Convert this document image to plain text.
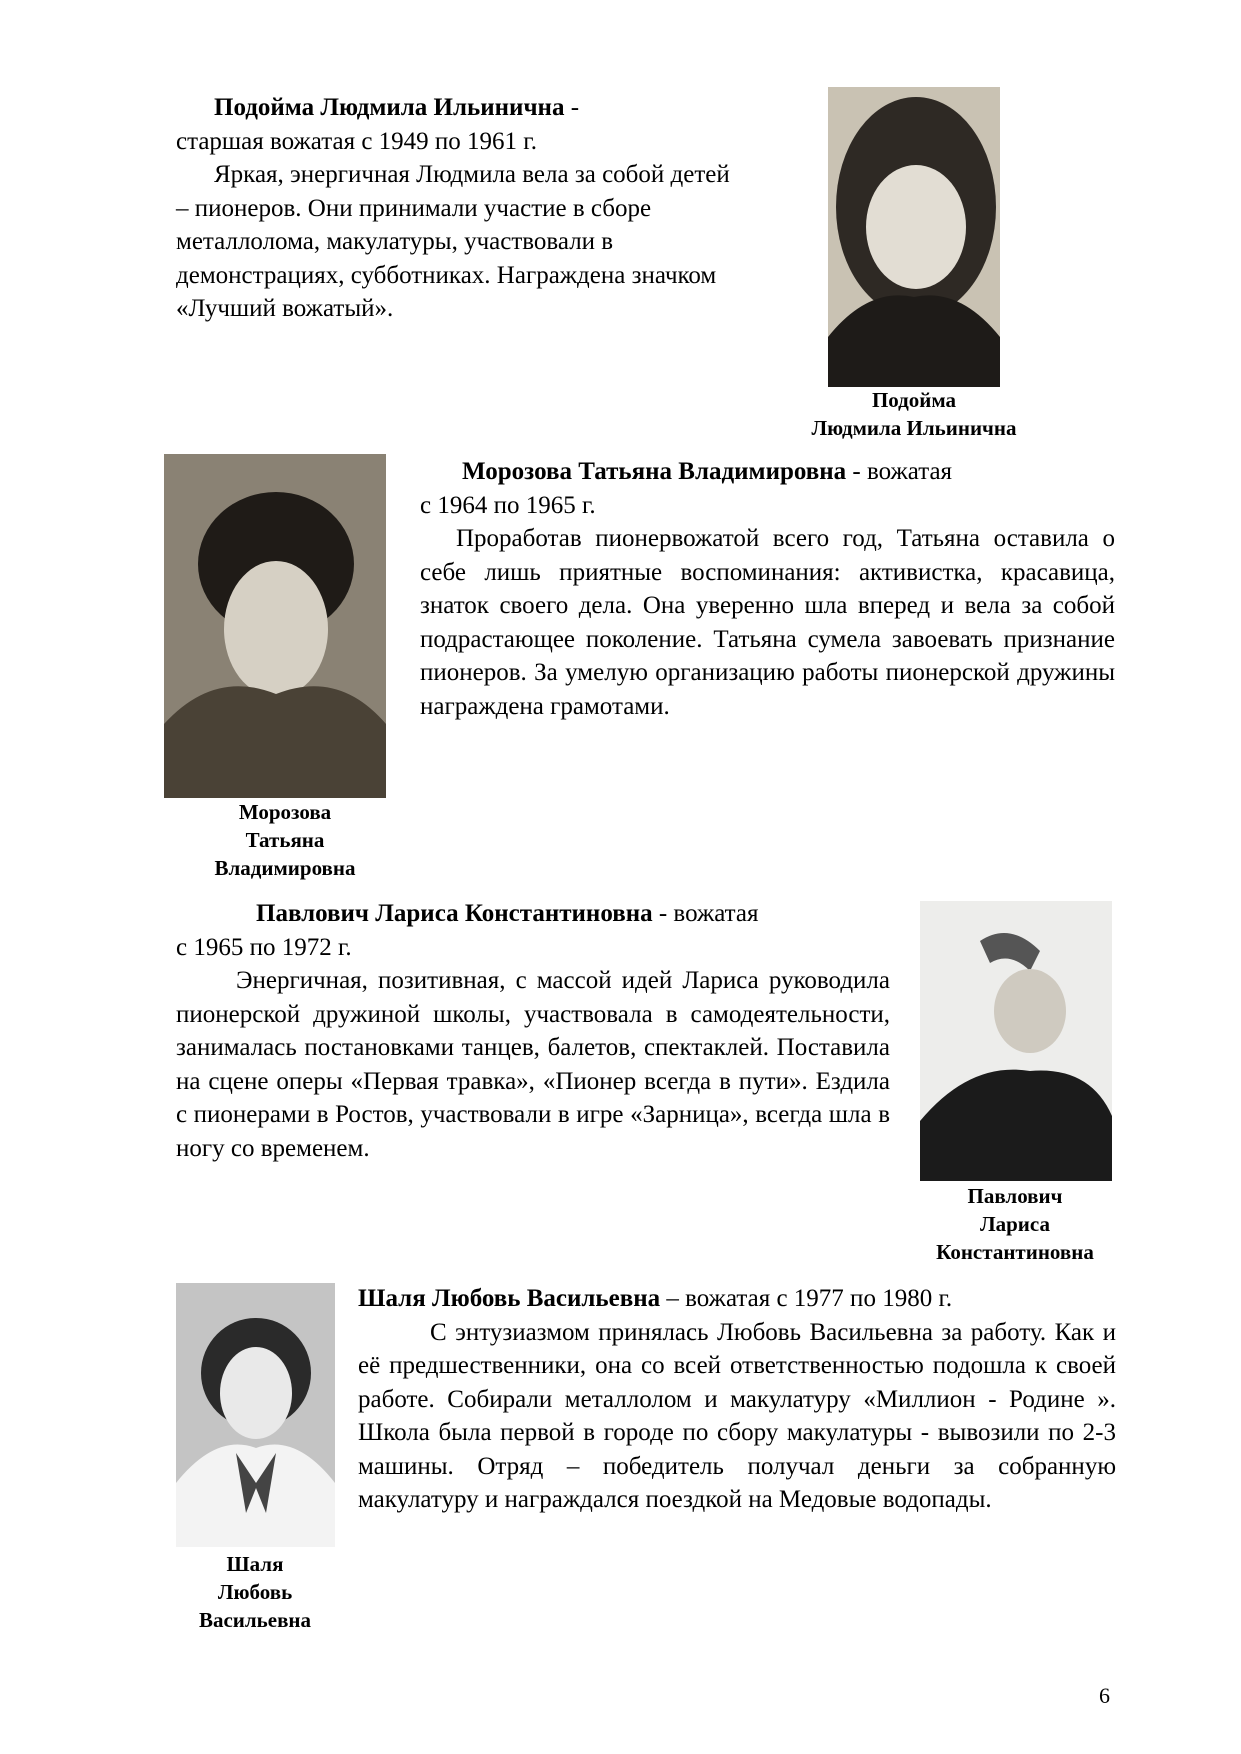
Подойма Людмила Ильинична -

старшая вожатая с 1949 по 1961 г.

Яркая, энергичная Людмила вела за собой детей – пионеров. Они принимали участие в сборе металлолома, макулатуры, участвовали в демонстрациях, субботниках. Награждена значком «Лучший вожатый».

Подойма
Людмила Ильинична

Морозова Татьяна Владимировна - вожатая

с 1964 по 1965 г.

Проработав пионервожатой всего год, Татьяна оставила о себе лишь приятные воспоминания: активистка, красавица, знаток своего дела. Она уверенно шла вперед и вела за собой подрастающее поколение. Татьяна сумела завоевать признание пионеров. За умелую организацию работы пионерской дружины награждена грамотами.

Морозова
Татьяна
Владимировна

Павлович Лариса Константиновна - вожатая

с 1965 по 1972 г.

Энергичная, позитивная, с массой идей Лариса руководила пионерской дружиной школы, участвовала в самодеятельности, занималась постановками танцев, балетов, спектаклей. Поставила на сцене оперы «Первая травка», «Пионер всегда в пути». Ездила с пионерами в Ростов, участвовали в игре «Зарница», всегда шла в ногу со временем.

Павлович
Лариса
Константиновна

Шаля Любовь Васильевна – вожатая с 1977 по 1980 г.

С энтузиазмом принялась Любовь Васильевна за работу. Как и её предшественники, она со всей ответственностью подошла к своей работе. Собирали металлолом и макулатуру «Миллион - Родине ». Школа была первой в городе по сбору макулатуры - вывозили по 2-3 машины. Отряд – победитель получал деньги за собранную макулатуру и награждался поездкой на Медовые водопады.

Шаля
Любовь
Васильевна
6
